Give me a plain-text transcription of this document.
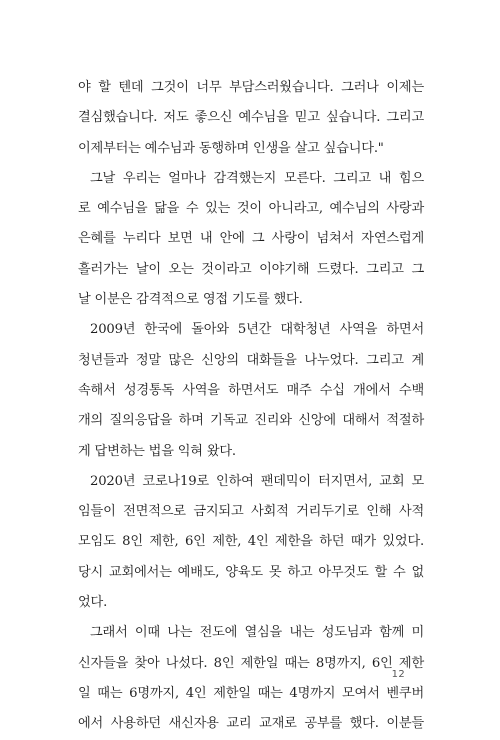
야 할 텐데 그것이 너무 부담스러웠습니다. 그러나 이제는
결심했습니다. 저도 좋으신 예수님을 믿고 싶습니다. 그리고
이제부터는 예수님과 동행하며 인생을 살고 싶습니다."

그날 우리는 얼마나 감격했는지 모른다. 그리고 내 힘으
로 예수님을 닮을 수 있는 것이 아니라고, 예수님의 사랑과
은혜를 누리다 보면 내 안에 그 사랑이 넘쳐서 자연스럽게
흘러가는 날이 오는 것이라고 이야기해 드렸다. 그리고 그
날 이분은 감격적으로 영접 기도를 했다.

2009년 한국에 돌아와 5년간 대학청년 사역을 하면서
청년들과 정말 많은 신앙의 대화들을 나누었다. 그리고 계
속해서 성경통독 사역을 하면서도 매주 수십 개에서 수백
개의 질의응답을 하며 기독교 진리와 신앙에 대해서 적절하
게 답변하는 법을 익혀 왔다.

2020년 코로나19로 인하여 팬데믹이 터지면서, 교회 모
임들이 전면적으로 금지되고 사회적 거리두기로 인해 사적
모임도 8인 제한, 6인 제한, 4인 제한을 하던 때가 있었다.
당시 교회에서는 예배도, 양육도 못 하고 아무것도 할 수 없
었다.

그래서 이때 나는 전도에 열심을 내는 성도님과 함께 미
신자들을 찾아 나섰다. 8인 제한일 때는 8명까지, 6인 제한
일 때는 6명까지, 4인 제한일 때는 4명까지 모여서 벤쿠버
에서 사용하던 새신자용 교리 교재로 공부를 했다. 이분들

12
